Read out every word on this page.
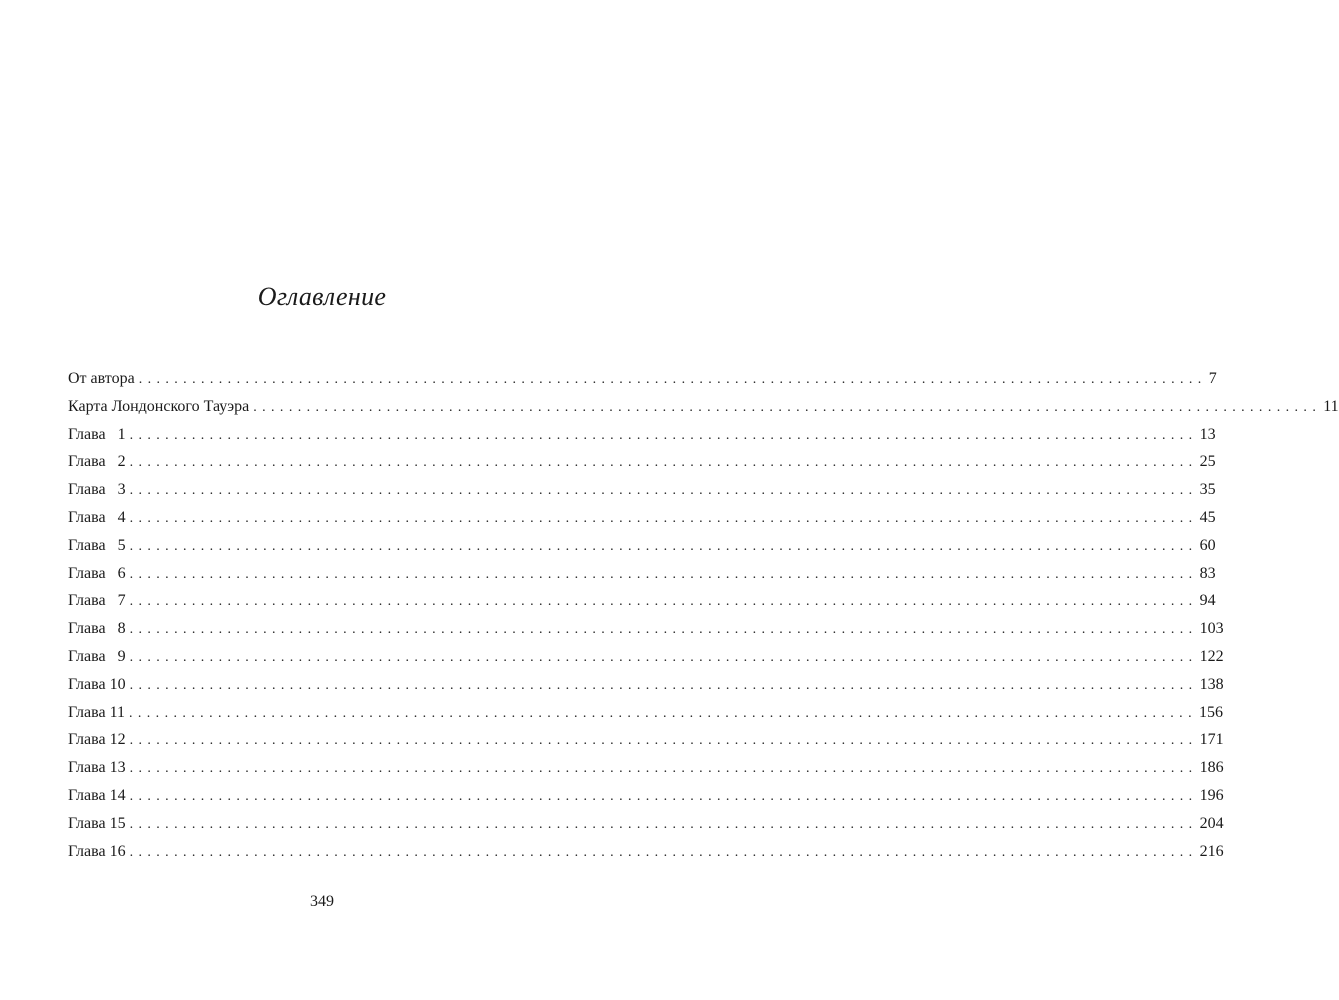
Оглавление
От автора ........................................................................................................................ 7
Карта Лондонского Тауэра ........................................................................................................................ 11
Глава   1 ........................................................................................................................ 13
Глава   2 ........................................................................................................................ 25
Глава   3 ........................................................................................................................ 35
Глава   4 ........................................................................................................................ 45
Глава   5 ........................................................................................................................ 60
Глава   6 ........................................................................................................................ 83
Глава   7 ........................................................................................................................ 94
Глава   8 ........................................................................................................................ 103
Глава   9 ........................................................................................................................ 122
Глава 10 ........................................................................................................................ 138
Глава 11 ........................................................................................................................ 156
Глава 12 ........................................................................................................................ 171
Глава 13 ........................................................................................................................ 186
Глава 14 ........................................................................................................................ 196
Глава 15 ........................................................................................................................ 204
Глава 16 ........................................................................................................................ 216
349
